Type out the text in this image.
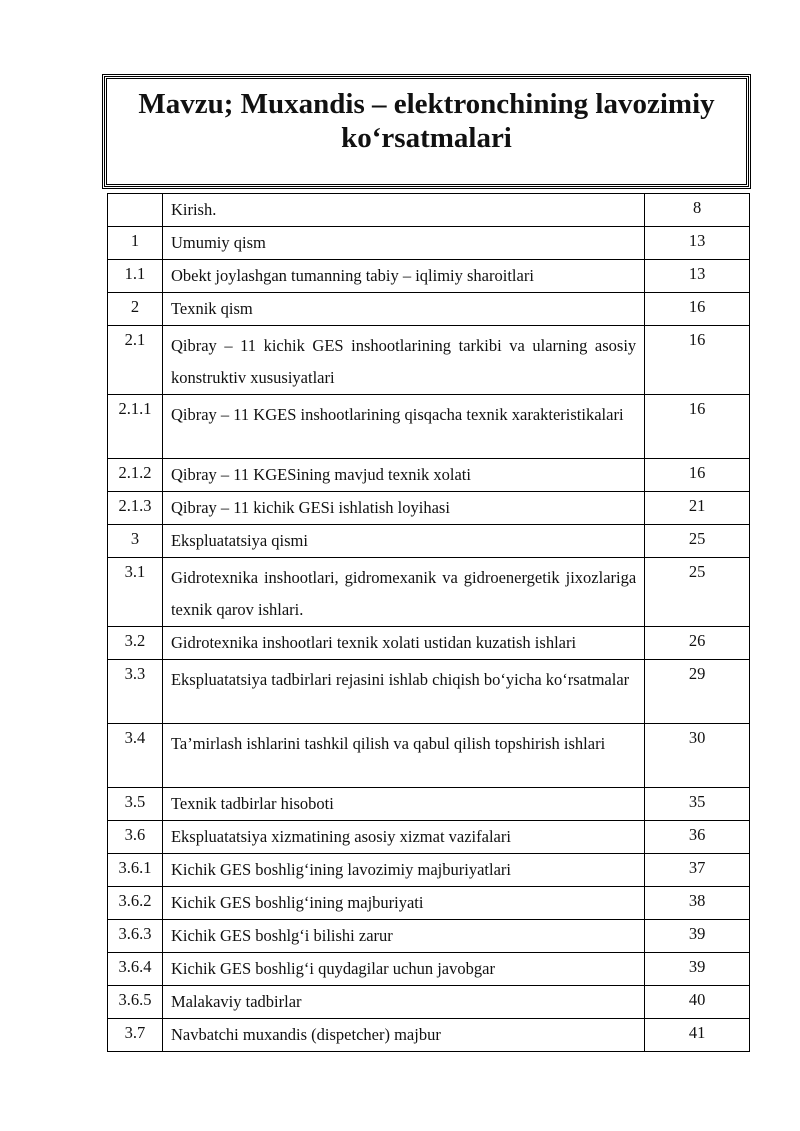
Mavzu; Muxandis – elektronchining lavozimiy ko‘rsatmalari
	Kirish.	8
1	Umumiy qism	13
1.1	Obekt joylashgan tumanning tabiy – iqlimiy sharoitlari	13
2	Texnik qism	16
2.1	Qibray – 11 kichik GES inshootlarining tarkibi va ularning asosiy konstruktiv xususiyatlari	16
2.1.1	Qibray – 11 KGES inshootlarining qisqacha texnik xarakteristikalari	16
2.1.2	Qibray – 11 KGESining mavjud texnik xolati	16
2.1.3	Qibray – 11 kichik GESi ishlatish loyihasi	21
3	Ekspluatatsiya qismi	25
3.1	Gidrotexnika inshootlari, gidromexanik va gidroenergetik jixozlariga texnik qarov ishlari.	25
3.2	Gidrotexnika inshootlari texnik xolati ustidan kuzatish ishlari	26
3.3	Ekspluatatsiya tadbirlari rejasini ishlab chiqish bo‘yicha ko‘rsatmalar	29
3.4	Ta’mirlash ishlarini tashkil qilish va qabul qilish topshirish ishlari	30
3.5	Texnik tadbirlar hisoboti	35
3.6	Ekspluatatsiya xizmatining asosiy xizmat vazifalari	36
3.6.1	Kichik GES boshlig‘ining lavozimiy majburiyatlari	37
3.6.2	Kichik GES boshlig‘ining majburiyati	38
3.6.3	Kichik GES boshlg‘i bilishi zarur	39
3.6.4	Kichik GES boshlig‘i quydagilar uchun javobgar	39
3.6.5	Malakaviy tadbirlar	40
3.7	Navbatchi muxandis (dispetcher) majbur	41
